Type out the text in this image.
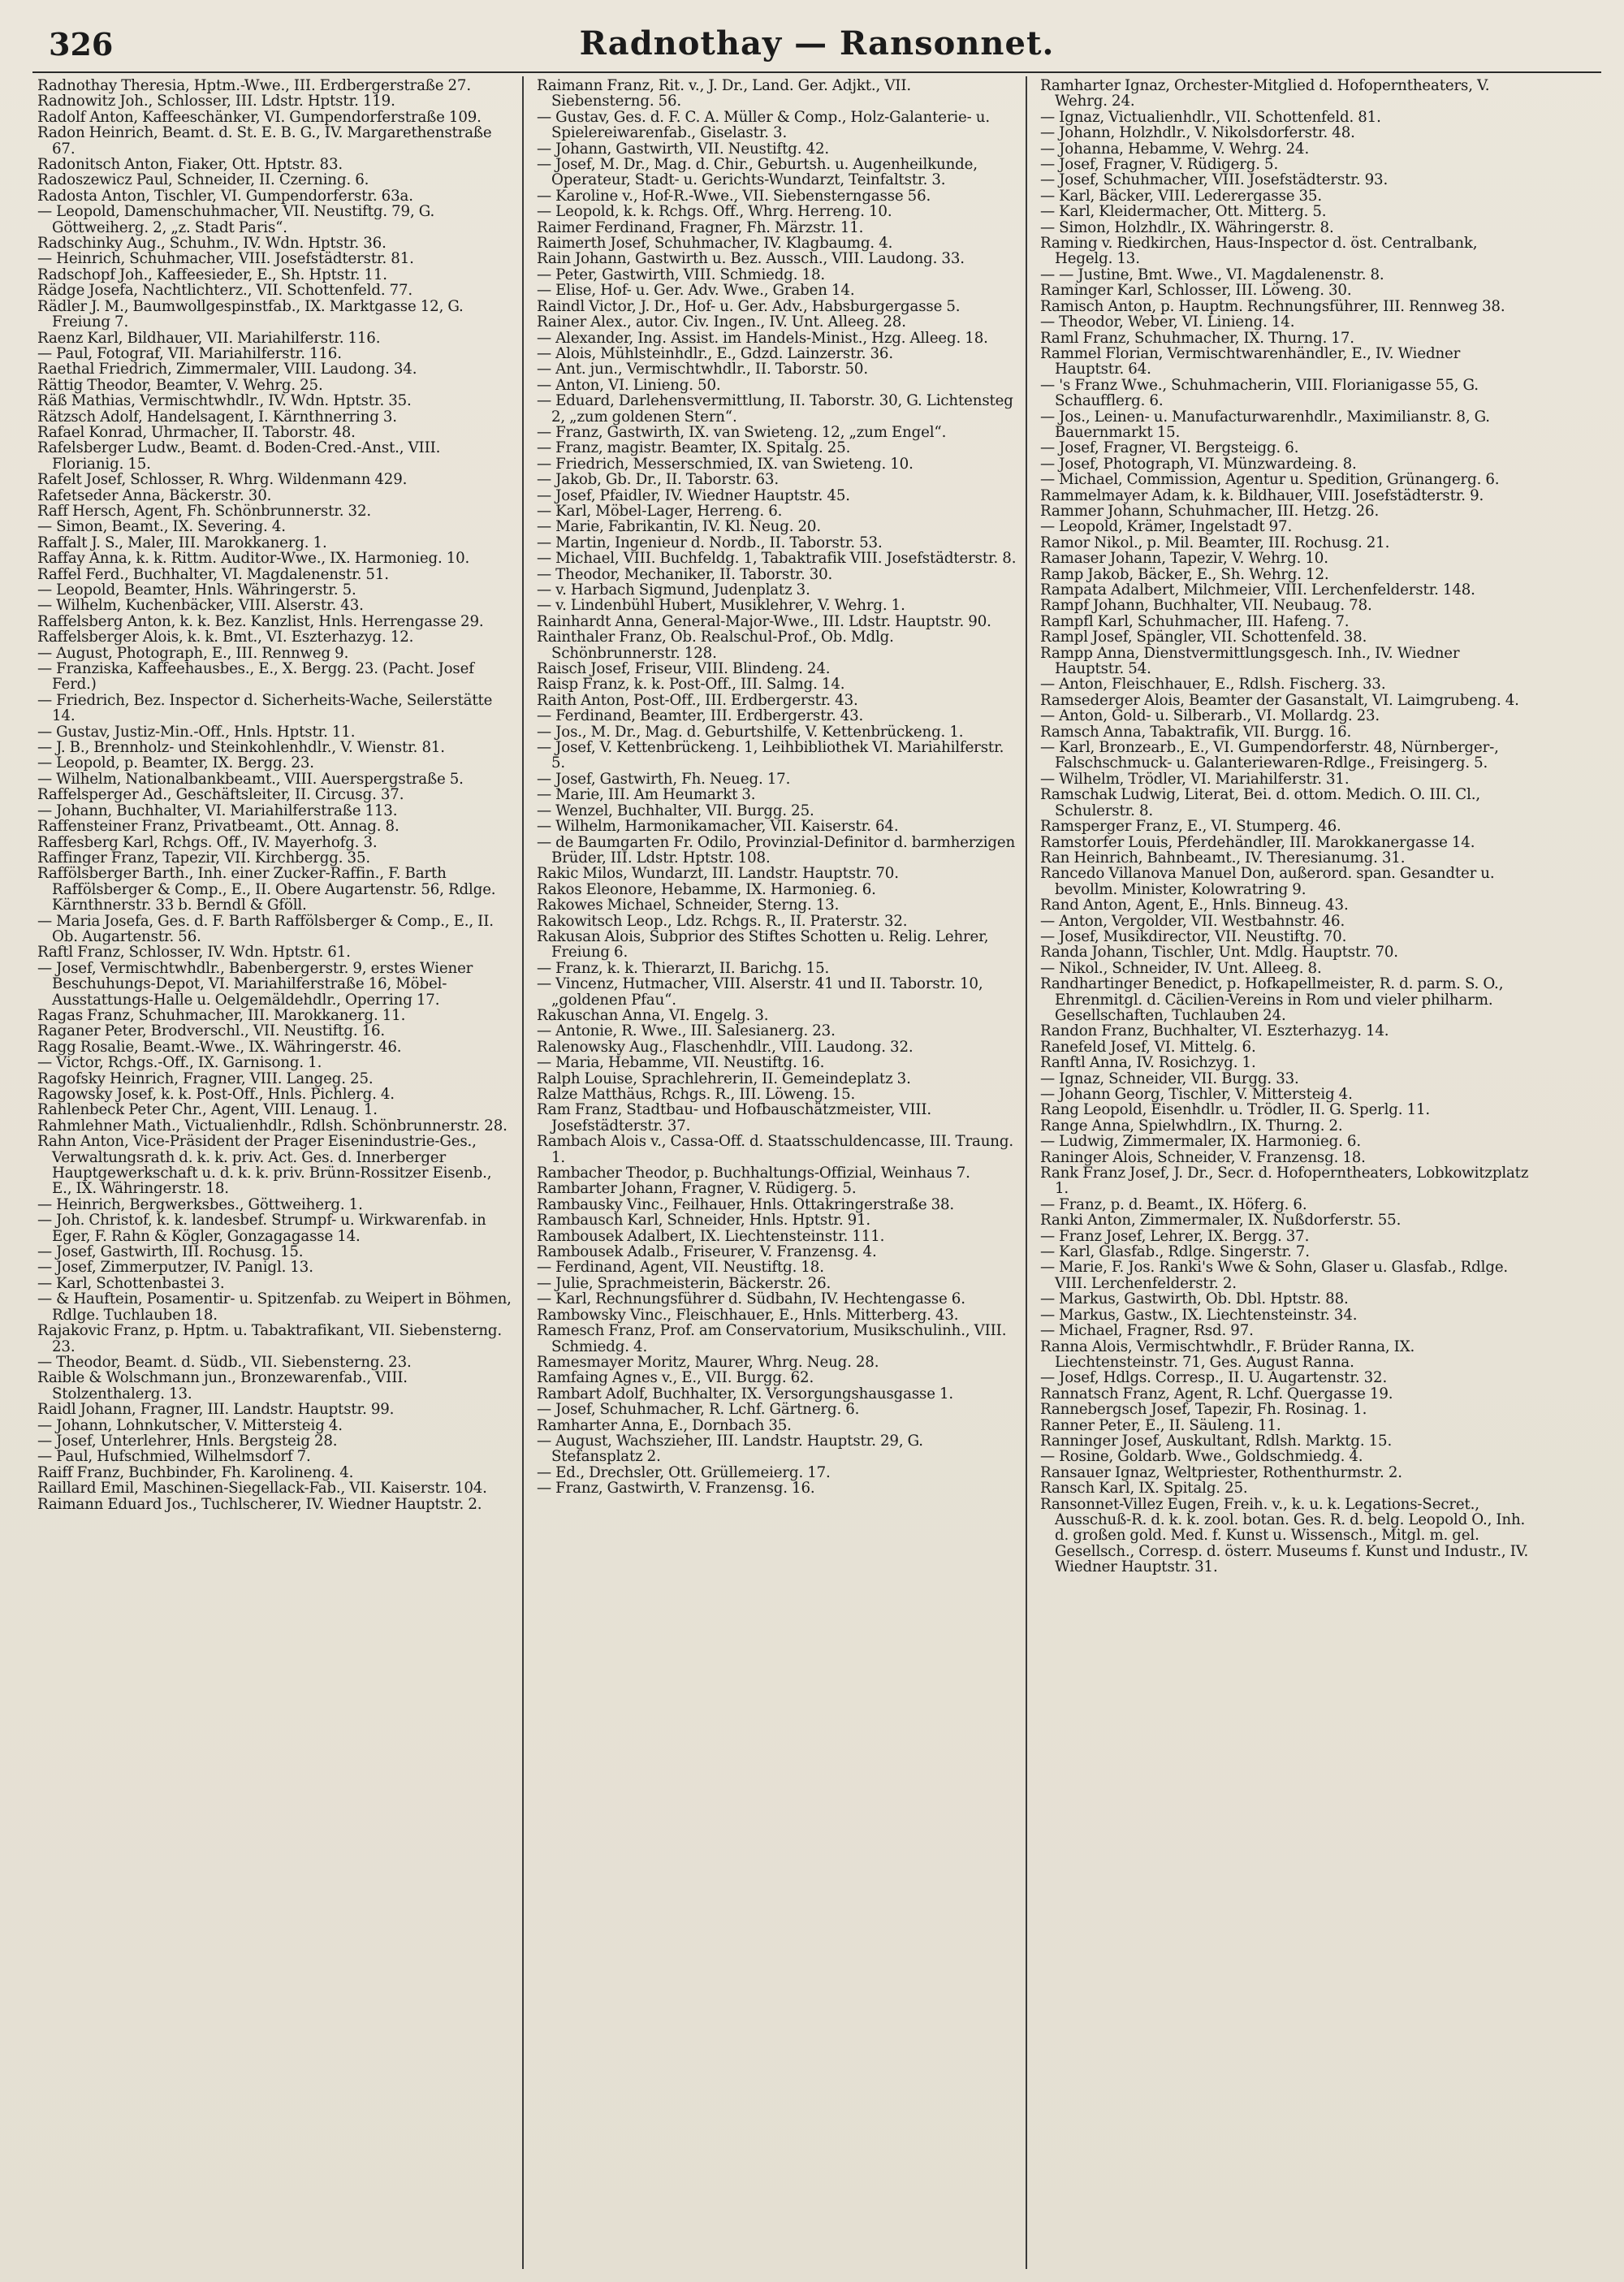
326	Radnothay — Ransonnet.

Radnothay Theresia, Hptm.-Wwe., III. Erdbergerstraße 27.

Radnowitz Joh., Schlosser, III. Ldstr. Hptstr. 119.

Radolf Anton, Kaffeeschänker, VI. Gumpendorferstraße 109.

Radon Heinrich, Beamt. d. St. E. B. G., IV. Margarethenstraße 67.

Radonitsch Anton, Fiaker, Ott. Hptstr. 83.

Radoszewicz Paul, Schneider, II. Czerning. 6.

Radosta Anton, Tischler, VI. Gumpendorferstr. 63a.

— Leopold, Damenschuhmacher, VII. Neustiftg. 79, G. Göttweiherg. 2, „z. Stadt Paris“.

Radschinky Aug., Schuhm., IV. Wdn. Hptstr. 36.

— Heinrich, Schuhmacher, VIII. Josefstädterstr. 81.

Radschopf Joh., Kaffeesieder, E., Sh. Hptstr. 11.

Rädge Josefa, Nachtlichterz., VII. Schottenfeld. 77.

Rädler J. M., Baumwollgespinstfab., IX. Marktgasse 12, G. Freiung 7.

Raenz Karl, Bildhauer, VII. Mariahilferstr. 116.

— Paul, Fotograf, VII. Mariahilferstr. 116.

Raethal Friedrich, Zimmermaler, VIII. Laudong. 34.

Rättig Theodor, Beamter, V. Wehrg. 25.

Räß Mathias, Vermischtwhdlr., IV. Wdn. Hptstr. 35.

Rätzsch Adolf, Handelsagent, I. Kärnthnerring 3.

Rafael Konrad, Uhrmacher, II. Taborstr. 48.

Rafelsberger Ludw., Beamt. d. Boden-Cred.-Anst., VIII. Florianig. 15.

Rafelt Josef, Schlosser, R. Whrg. Wildenmann 429.

Rafetseder Anna, Bäckerstr. 30.

Raff Hersch, Agent, Fh. Schönbrunnerstr. 32.

— Simon, Beamt., IX. Severing. 4.

Raffalt J. S., Maler, III. Marokkanerg. 1.

Raffay Anna, k. k. Rittm. Auditor-Wwe., IX. Harmonieg. 10.

Raffel Ferd., Buchhalter, VI. Magdalenenstr. 51.

— Leopold, Beamter, Hnls. Währingerstr. 5.

— Wilhelm, Kuchenbäcker, VIII. Alserstr. 43.

Raffelsberg Anton, k. k. Bez. Kanzlist, Hnls. Herrengasse 29.

Raffelsberger Alois, k. k. Bmt., VI. Eszterhazyg. 12.

— August, Photograph, E., III. Rennweg 9.

— Franziska, Kaffeehausbes., E., X. Bergg. 23. (Pacht. Josef Ferd.)

— Friedrich, Bez. Inspector d. Sicherheits-Wache, Seilerstätte 14.

— Gustav, Justiz-Min.-Off., Hnls. Hptstr. 11.

— J. B., Brennholz- und Steinkohlenhdlr., V. Wienstr. 81.

— Leopold, p. Beamter, IX. Bergg. 23.

— Wilhelm, Nationalbankbeamt., VIII. Auerspergstraße 5.

Raffelsperger Ad., Geschäftsleiter, II. Circusg. 37.

— Johann, Buchhalter, VI. Mariahilferstraße 113.

Raffensteiner Franz, Privatbeamt., Ott. Annag. 8.

Raffesberg Karl, Rchgs. Off., IV. Mayerhofg. 3.

Raffinger Franz, Tapezir, VII. Kirchbergg. 35.

Raffölsberger Barth., Inh. einer Zucker-Raffin., F. Barth Raffölsberger & Comp., E., II. Obere Augartenstr. 56, Rdlge. Kärnthnerstr. 33 b. Berndl & Gföll.

— Maria Josefa, Ges. d. F. Barth Raffölsberger & Comp., E., II. Ob. Augartenstr. 56.

Raftl Franz, Schlosser, IV. Wdn. Hptstr. 61.

— Josef, Vermischtwhdlr., Babenbergerstr. 9, erstes Wiener Beschuhungs-Depot, VI. Mariahilferstraße 16, Möbel-Ausstattungs-Halle u. Oelgemäldehdlr., Operring 17.

Ragas Franz, Schuhmacher, III. Marokkanerg. 11.

Raganer Peter, Brodverschl., VII. Neustiftg. 16.

Ragg Rosalie, Beamt.-Wwe., IX. Währingerstr. 46.

— Victor, Rchgs.-Off., IX. Garnisong. 1.

Ragofsky Heinrich, Fragner, VIII. Langeg. 25.

Ragowsky Josef, k. k. Post-Off., Hnls. Pichlerg. 4.

Rahlenbeck Peter Chr., Agent, VIII. Lenaug. 1.

Rahmlehner Math., Victualienhdlr., Rdlsh. Schönbrunnerstr. 28.

Rahn Anton, Vice-Präsident der Prager Eisenindustrie-Ges., Verwaltungsrath d. k. k. priv. Act. Ges. d. Innerberger Hauptgewerkschaft u. d. k. k. priv. Brünn-Rossitzer Eisenb., E., IX. Währingerstr. 18.

— Heinrich, Bergwerksbes., Göttweiherg. 1.

— Joh. Christof, k. k. landesbef. Strumpf- u. Wirkwarenfab. in Eger, F. Rahn & Kögler, Gonzagagasse 14.

— Josef, Gastwirth, III. Rochusg. 15.

— Josef, Zimmerputzer, IV. Panigl. 13.

— Karl, Schottenbastei 3.

— & Hauftein, Posamentir- u. Spitzenfab. zu Weipert in Böhmen, Rdlge. Tuchlauben 18.

Rajakovic Franz, p. Hptm. u. Tabaktrafikant, VII. Siebensterng. 23.

— Theodor, Beamt. d. Südb., VII. Siebensterng. 23.

Raible & Wolschmann jun., Bronzewarenfab., VIII. Stolzenthalerg. 13.

Raidl Johann, Fragner, III. Landstr. Hauptstr. 99.

— Johann, Lohnkutscher, V. Mittersteig 4.

— Josef, Unterlehrer, Hnls. Bergsteig 28.

— Paul, Hufschmied, Wilhelmsdorf 7.

Raiff Franz, Buchbinder, Fh. Karolineng. 4.

Raillard Emil, Maschinen-Siegellack-Fab., VII. Kaiserstr. 104.

Raimann Eduard Jos., Tuchlscherer, IV. Wiedner Hauptstr. 2.

Raimann Franz, Rit. v., J. Dr., Land. Ger. Adjkt., VII. Siebensterng. 56.

— Gustav, Ges. d. F. C. A. Müller & Comp., Holz-Galanterie- u. Spielereiwarenfab., Giselastr. 3.

— Johann, Gastwirth, VII. Neustiftg. 42.

— Josef, M. Dr., Mag. d. Chir., Geburtsh. u. Augenheilkunde, Operateur, Stadt- u. Gerichts-Wundarzt, Teinfaltstr. 3.

— Karoline v., Hof-R.-Wwe., VII. Siebensterngasse 56.

— Leopold, k. k. Rchgs. Off., Whrg. Herreng. 10.

Raimer Ferdinand, Fragner, Fh. Märzstr. 11.

Raimerth Josef, Schuhmacher, IV. Klagbaumg. 4.

Rain Johann, Gastwirth u. Bez. Aussch., VIII. Laudong. 33.

— Peter, Gastwirth, VIII. Schmiedg. 18.

— Elise, Hof- u. Ger. Adv. Wwe., Graben 14.

Raindl Victor, J. Dr., Hof- u. Ger. Adv., Habsburgergasse 5.

Rainer Alex., autor. Civ. Ingen., IV. Unt. Alleeg. 28.

— Alexander, Ing. Assist. im Handels-Minist., Hzg. Alleeg. 18.

— Alois, Mühlsteinhdlr., E., Gdzd. Lainzerstr. 36.

— Ant. jun., Vermischtwhdlr., II. Taborstr. 50.

— Anton, VI. Linieng. 50.

— Eduard, Darlehensvermittlung, II. Taborstr. 30, G. Lichtensteg 2, „zum goldenen Stern“.

— Franz, Gastwirth, IX. van Swieteng. 12, „zum Engel“.

— Franz, magistr. Beamter, IX. Spitalg. 25.

— Friedrich, Messerschmied, IX. van Swieteng. 10.

— Jakob, Gb. Dr., II. Taborstr. 63.

— Josef, Pfaidler, IV. Wiedner Hauptstr. 45.

— Karl, Möbel-Lager, Herreng. 6.

— Marie, Fabrikantin, IV. Kl. Neug. 20.

— Martin, Ingenieur d. Nordb., II. Taborstr. 53.

— Michael, VIII. Buchfeldg. 1, Tabaktrafik VIII. Josefstädterstr. 8.

— Theodor, Mechaniker, II. Taborstr. 30.

— v. Harbach Sigmund, Judenplatz 3.

— v. Lindenbühl Hubert, Musiklehrer, V. Wehrg. 1.

Rainhardt Anna, General-Major-Wwe., III. Ldstr. Hauptstr. 90.

Rainthaler Franz, Ob. Realschul-Prof., Ob. Mdlg. Schönbrunnerstr. 128.

Raisch Josef, Friseur, VIII. Blindeng. 24.

Raisp Franz, k. k. Post-Off., III. Salmg. 14.

Raith Anton, Post-Off., III. Erdbergerstr. 43.

— Ferdinand, Beamter, III. Erdbergerstr. 43.

— Jos., M. Dr., Mag. d. Geburtshilfe, V. Kettenbrückeng. 1.

— Josef, V. Kettenbrückeng. 1, Leihbibliothek VI. Mariahilferstr. 5.

— Josef, Gastwirth, Fh. Neueg. 17.

— Marie, III. Am Heumarkt 3.

— Wenzel, Buchhalter, VII. Burgg. 25.

— Wilhelm, Harmonikamacher, VII. Kaiserstr. 64.

— de Baumgarten Fr. Odilo, Provinzial-Definitor d. barmherzigen Brüder, III. Ldstr. Hptstr. 108.

Rakic Milos, Wundarzt, III. Landstr. Hauptstr. 70.

Rakos Eleonore, Hebamme, IX. Harmonieg. 6.

Rakowes Michael, Schneider, Sterng. 13.

Rakowitsch Leop., Ldz. Rchgs. R., II. Praterstr. 32.

Rakusan Alois, Subprior des Stiftes Schotten u. Relig. Lehrer, Freiung 6.

— Franz, k. k. Thierarzt, II. Barichg. 15.

— Vincenz, Hutmacher, VIII. Alserstr. 41 und II. Taborstr. 10, „goldenen Pfau“.

Rakuschan Anna, VI. Engelg. 3.

— Antonie, R. Wwe., III. Salesianerg. 23.

Ralenowsky Aug., Flaschenhdlr., VIII. Laudong. 32.

— Maria, Hebamme, VII. Neustiftg. 16.

Ralph Louise, Sprachlehrerin, II. Gemeindeplatz 3.

Ralze Matthäus, Rchgs. R., III. Löweng. 15.

Ram Franz, Stadtbau- und Hofbauschätzmeister, VIII. Josefstädterstr. 37.

Rambach Alois v., Cassa-Off. d. Staatsschuldencasse, III. Traung. 1.

Rambacher Theodor, p. Buchhaltungs-Offizial, Weinhaus 7.

Rambarter Johann, Fragner, V. Rüdigerg. 5.

Rambausky Vinc., Feilhauer, Hnls. Ottakringerstraße 38.

Rambausch Karl, Schneider, Hnls. Hptstr. 91.

Rambousek Adalbert, IX. Liechtensteinstr. 111.

Rambousek Adalb., Friseurer, V. Franzensg. 4.

— Ferdinand, Agent, VII. Neustiftg. 18.

— Julie, Sprachmeisterin, Bäckerstr. 26.

— Karl, Rechnungsführer d. Südbahn, IV. Hechtengasse 6.

Rambowsky Vinc., Fleischhauer, E., Hnls. Mitterberg. 43.

Ramesch Franz, Prof. am Conservatorium, Musikschulinh., VIII. Schmiedg. 4.

Ramesmayer Moritz, Maurer, Whrg. Neug. 28.

Ramfaing Agnes v., E., VII. Burgg. 62.

Rambart Adolf, Buchhalter, IX. Versorgungshausgasse 1.

— Josef, Schuhmacher, R. Lchf. Gärtnerg. 6.

Ramharter Anna, E., Dornbach 35.

— August, Wachszieher, III. Landstr. Hauptstr. 29, G. Stefansplatz 2.

— Ed., Drechsler, Ott. Grüllemeierg. 17.

— Franz, Gastwirth, V. Franzensg. 16.

Ramharter Ignaz, Orchester-Mitglied d. Hofoperntheaters, V. Wehrg. 24.

— Ignaz, Victualienhdlr., VII. Schottenfeld. 81.

— Johann, Holzhdlr., V. Nikolsdorferstr. 48.

— Johanna, Hebamme, V. Wehrg. 24.

— Josef, Fragner, V. Rüdigerg. 5.

— Josef, Schuhmacher, VIII. Josefstädterstr. 93.

— Karl, Bäcker, VIII. Lederergasse 35.

— Karl, Kleidermacher, Ott. Mitterg. 5.

— Simon, Holzhdlr., IX. Währingerstr. 8.

Raming v. Riedkirchen, Haus-Inspector d. öst. Centralbank, Hegelg. 13.

— — Justine, Bmt. Wwe., VI. Magdalenenstr. 8.

Raminger Karl, Schlosser, III. Löweng. 30.

Ramisch Anton, p. Hauptm. Rechnungsführer, III. Rennweg 38.

— Theodor, Weber, VI. Linieng. 14.

Raml Franz, Schuhmacher, IX. Thurng. 17.

Rammel Florian, Vermischtwarenhändler, E., IV. Wiedner Hauptstr. 64.

— 's Franz Wwe., Schuhmacherin, VIII. Florianigasse 55, G. Schaufflerg. 6.

— Jos., Leinen- u. Manufacturwarenhdlr., Maximilianstr. 8, G. Bauernmarkt 15.

— Josef, Fragner, VI. Bergsteigg. 6.

— Josef, Photograph, VI. Münzwardeing. 8.

— Michael, Commission, Agentur u. Spedition, Grünangerg. 6.

Rammelmayer Adam, k. k. Bildhauer, VIII. Josefstädterstr. 9.

Rammer Johann, Schuhmacher, III. Hetzg. 26.

— Leopold, Krämer, Ingelstadt 97.

Ramor Nikol., p. Mil. Beamter, III. Rochusg. 21.

Ramaser Johann, Tapezir, V. Wehrg. 10.

Ramp Jakob, Bäcker, E., Sh. Wehrg. 12.

Rampata Adalbert, Milchmeier, VIII. Lerchenfelderstr. 148.

Rampf Johann, Buchhalter, VII. Neubaug. 78.

Rampfl Karl, Schuhmacher, III. Hafeng. 7.

Rampl Josef, Spängler, VII. Schottenfeld. 38.

Rampp Anna, Dienstvermittlungsgesch. Inh., IV. Wiedner Hauptstr. 54.

— Anton, Fleischhauer, E., Rdlsh. Fischerg. 33.

Ramsederger Alois, Beamter der Gasanstalt, VI. Laimgrubeng. 4.

— Anton, Gold- u. Silberarb., VI. Mollardg. 23.

Ramsch Anna, Tabaktrafik, VII. Burgg. 16.

— Karl, Bronzearb., E., VI. Gumpendorferstr. 48, Nürnberger-, Falschschmuck- u. Galanteriewaren-Rdlge., Freisingerg. 5.

— Wilhelm, Trödler, VI. Mariahilferstr. 31.

Ramschak Ludwig, Literat, Bei. d. ottom. Medich. O. III. Cl., Schulerstr. 8.

Ramsperger Franz, E., VI. Stumperg. 46.

Ramstorfer Louis, Pferdehändler, III. Marokkanergasse 14.

Ran Heinrich, Bahnbeamt., IV. Theresianumg. 31.

Rancedo Villanova Manuel Don, außerord. span. Gesandter u. bevollm. Minister, Kolowratring 9.

Rand Anton, Agent, E., Hnls. Binneug. 43.

— Anton, Vergolder, VII. Westbahnstr. 46.

— Josef, Musikdirector, VII. Neustiftg. 70.

Randa Johann, Tischler, Unt. Mdlg. Hauptstr. 70.

— Nikol., Schneider, IV. Unt. Alleeg. 8.

Randhartinger Benedict, p. Hofkapellmeister, R. d. parm. S. O., Ehrenmitgl. d. Cäcilien-Vereins in Rom und vieler philharm. Gesellschaften, Tuchlauben 24.

Randon Franz, Buchhalter, VI. Eszterhazyg. 14.

Ranefeld Josef, VI. Mittelg. 6.

Ranftl Anna, IV. Rosichzyg. 1.

— Ignaz, Schneider, VII. Burgg. 33.

— Johann Georg, Tischler, V. Mittersteig 4.

Rang Leopold, Eisenhdlr. u. Trödler, II. G. Sperlg. 11.

Range Anna, Spielwhdlrn., IX. Thurng. 2.

— Ludwig, Zimmermaler, IX. Harmonieg. 6.

Raninger Alois, Schneider, V. Franzensg. 18.

Rank Franz Josef, J. Dr., Secr. d. Hofoperntheaters, Lobkowitzplatz 1.

— Franz, p. d. Beamt., IX. Höferg. 6.

Ranki Anton, Zimmermaler, IX. Nußdorferstr. 55.

— Franz Josef, Lehrer, IX. Bergg. 37.

— Karl, Glasfab., Rdlge. Singerstr. 7.

— Marie, F. Jos. Ranki's Wwe & Sohn, Glaser u. Glasfab., Rdlge. VIII. Lerchenfelderstr. 2.

— Markus, Gastwirth, Ob. Dbl. Hptstr. 88.

— Markus, Gastw., IX. Liechtensteinstr. 34.

— Michael, Fragner, Rsd. 97.

Ranna Alois, Vermischtwhdlr., F. Brüder Ranna, IX. Liechtensteinstr. 71, Ges. August Ranna.

— Josef, Hdlgs. Corresp., II. U. Augartenstr. 32.

Rannatsch Franz, Agent, R. Lchf. Quergasse 19.

Rannebergsch Josef, Tapezir, Fh. Rosinag. 1.

Ranner Peter, E., II. Säuleng. 11.

Ranninger Josef, Auskultant, Rdlsh. Marktg. 15.

— Rosine, Goldarb. Wwe., Goldschmiedg. 4.

Ransauer Ignaz, Weltpriester, Rothenthurmstr. 2.

Ransch Karl, IX. Spitalg. 25.

Ransonnet-Villez Eugen, Freih. v., k. u. k. Legations-Secret., Ausschuß-R. d. k. k. zool. botan. Ges. R. d. belg. Leopold O., Inh. d. großen gold. Med. f. Kunst u. Wissensch., Mitgl. m. gel. Gesellsch., Corresp. d. österr. Museums f. Kunst und Industr., IV. Wiedner Hauptstr. 31.
